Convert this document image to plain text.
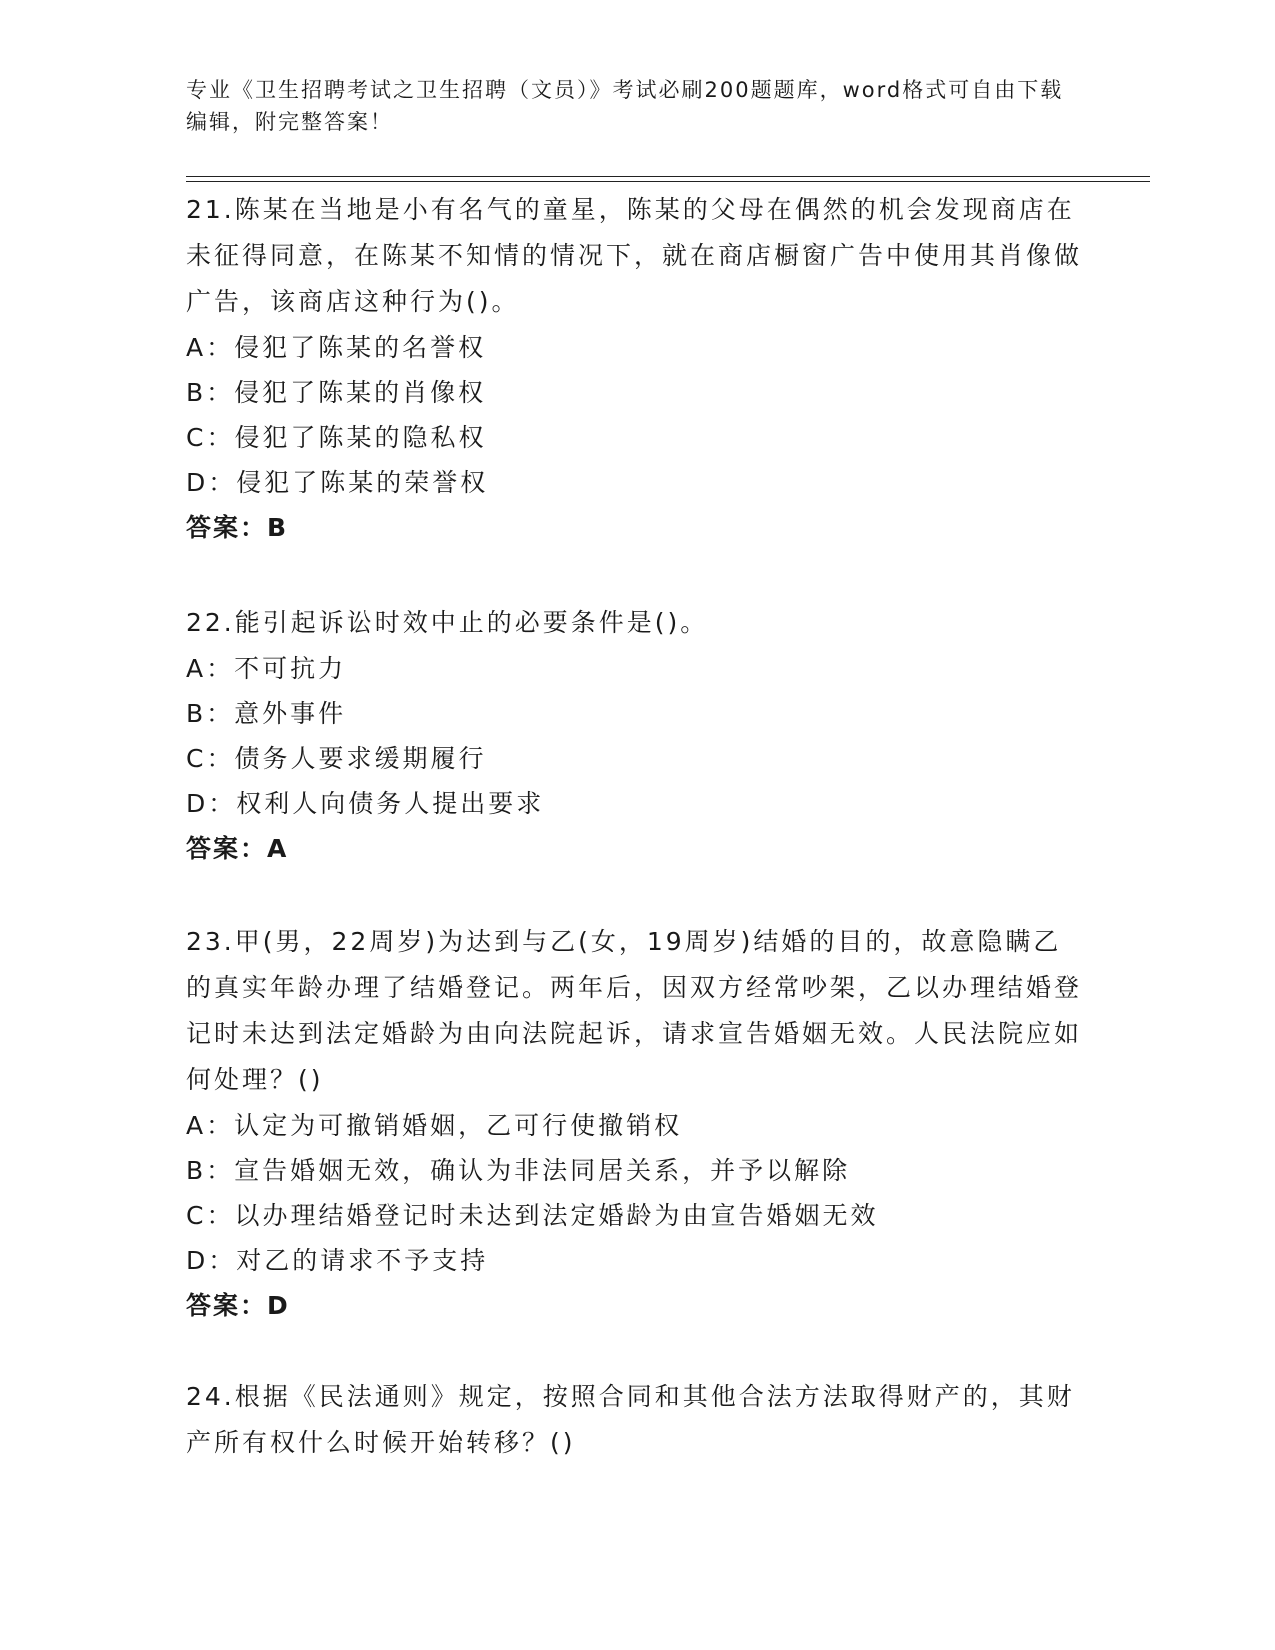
专业《卫生招聘考试之卫生招聘（文员）》考试必刷200题题库，word格式可自由下载编辑，附完整答案！
21.陈某在当地是小有名气的童星，陈某的父母在偶然的机会发现商店在未征得同意，在陈某不知情的情况下，就在商店橱窗广告中使用其肖像做广告，该商店这种行为()。
A：侵犯了陈某的名誉权
B：侵犯了陈某的肖像权
C：侵犯了陈某的隐私权
D：侵犯了陈某的荣誉权
答案：B
22.能引起诉讼时效中止的必要条件是()。
A：不可抗力
B：意外事件
C：债务人要求缓期履行
D：权利人向债务人提出要求
答案：A
23.甲(男，22周岁)为达到与乙(女，19周岁)结婚的目的，故意隐瞒乙的真实年龄办理了结婚登记。两年后，因双方经常吵架，乙以办理结婚登记时未达到法定婚龄为由向法院起诉，请求宣告婚姻无效。人民法院应如何处理？()
A：认定为可撤销婚姻，乙可行使撤销权
B：宣告婚姻无效，确认为非法同居关系，并予以解除
C：以办理结婚登记时未达到法定婚龄为由宣告婚姻无效
D：对乙的请求不予支持
答案：D
24.根据《民法通则》规定，按照合同和其他合法方法取得财产的，其财产所有权什么时候开始转移？()
